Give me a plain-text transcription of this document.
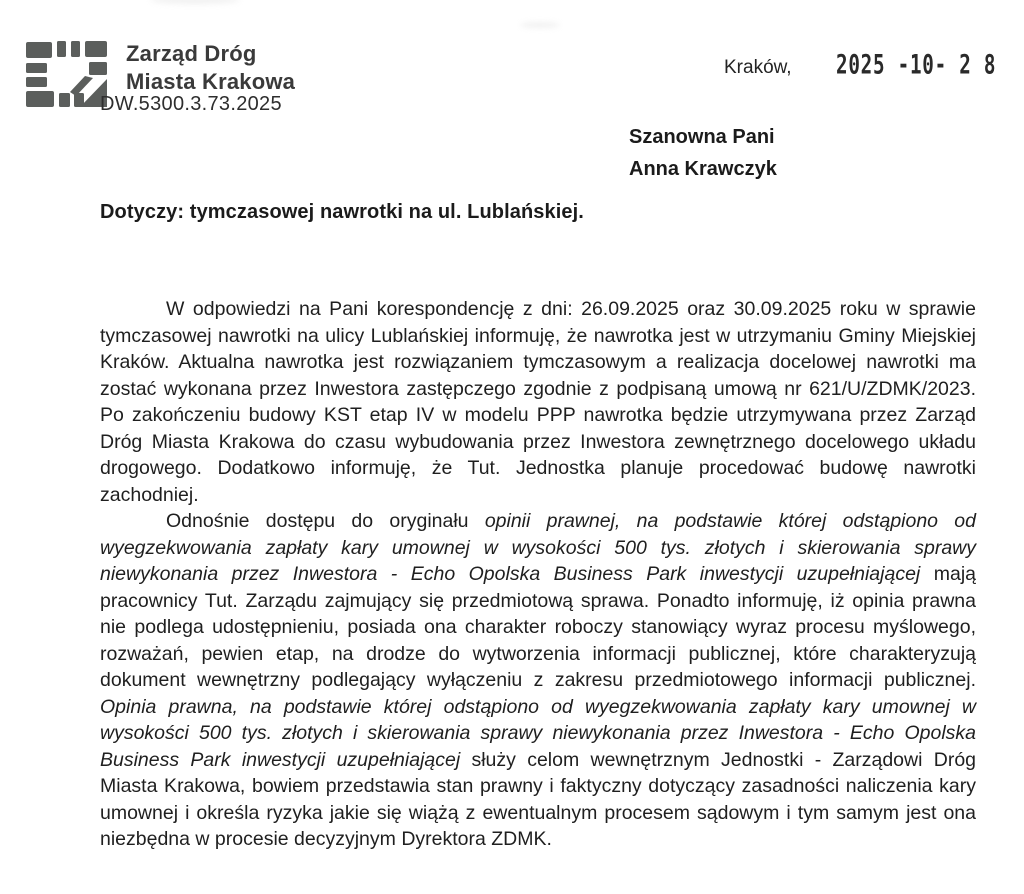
Zarząd Dróg
Miasta Krakowa
DW.5300.3.73.2025
Kraków, 2025 -10- 2 8
Szanowna Pani
Anna Krawczyk
Dotyczy: tymczasowej nawrotki na ul. Lublańskiej.

W odpowiedzi na Pani korespondencję z dni: 26.09.2025 oraz 30.09.2025 roku w sprawie tymczasowej nawrotki na ulicy Lublańskiej informuję, że nawrotka jest w utrzymaniu Gminy Miejskiej Kraków. Aktualna nawrotka jest rozwiązaniem tymczasowym a realizacja docelowej nawrotki ma zostać wykonana przez Inwestora zastępczego zgodnie z podpisaną umową nr 621/U/ZDMK/2023. Po zakończeniu budowy KST etap IV w modelu PPP nawrotka będzie utrzymywana przez Zarząd Dróg Miasta Krakowa do czasu wybudowania przez Inwestora zewnętrznego docelowego układu drogowego. Dodatkowo informuję, że Tut. Jednostka planuje procedować budowę nawrotki zachodniej.

Odnośnie dostępu do oryginału opinii prawnej, na podstawie której odstąpiono od wyegzekwowania zapłaty kary umownej w wysokości 500 tys. złotych i skierowania sprawy niewykonania przez Inwestora - Echo Opolska Business Park inwestycji uzupełniającej mają pracownicy Tut. Zarządu zajmujący się przedmiotową sprawa. Ponadto informuję, iż opinia prawna nie podlega udostępnieniu, posiada ona charakter roboczy stanowiący wyraz procesu myślowego, rozważań, pewien etap, na drodze do wytworzenia informacji publicznej, które charakteryzują dokument wewnętrzny podlegający wyłączeniu z zakresu przedmiotowego informacji publicznej. Opinia prawna, na podstawie której odstąpiono od wyegzekwowania zapłaty kary umownej w wysokości 500 tys. złotych i skierowania sprawy niewykonania przez Inwestora - Echo Opolska Business Park inwestycji uzupełniającej służy celom wewnętrznym Jednostki - Zarządowi Dróg Miasta Krakowa, bowiem przedstawia stan prawny i faktyczny dotyczący zasadności naliczenia kary umownej i określa ryzyka jakie się wiążą z ewentualnym procesem sądowym i tym samym jest ona niezbędna w procesie decyzyjnym Dyrektora ZDMK.
